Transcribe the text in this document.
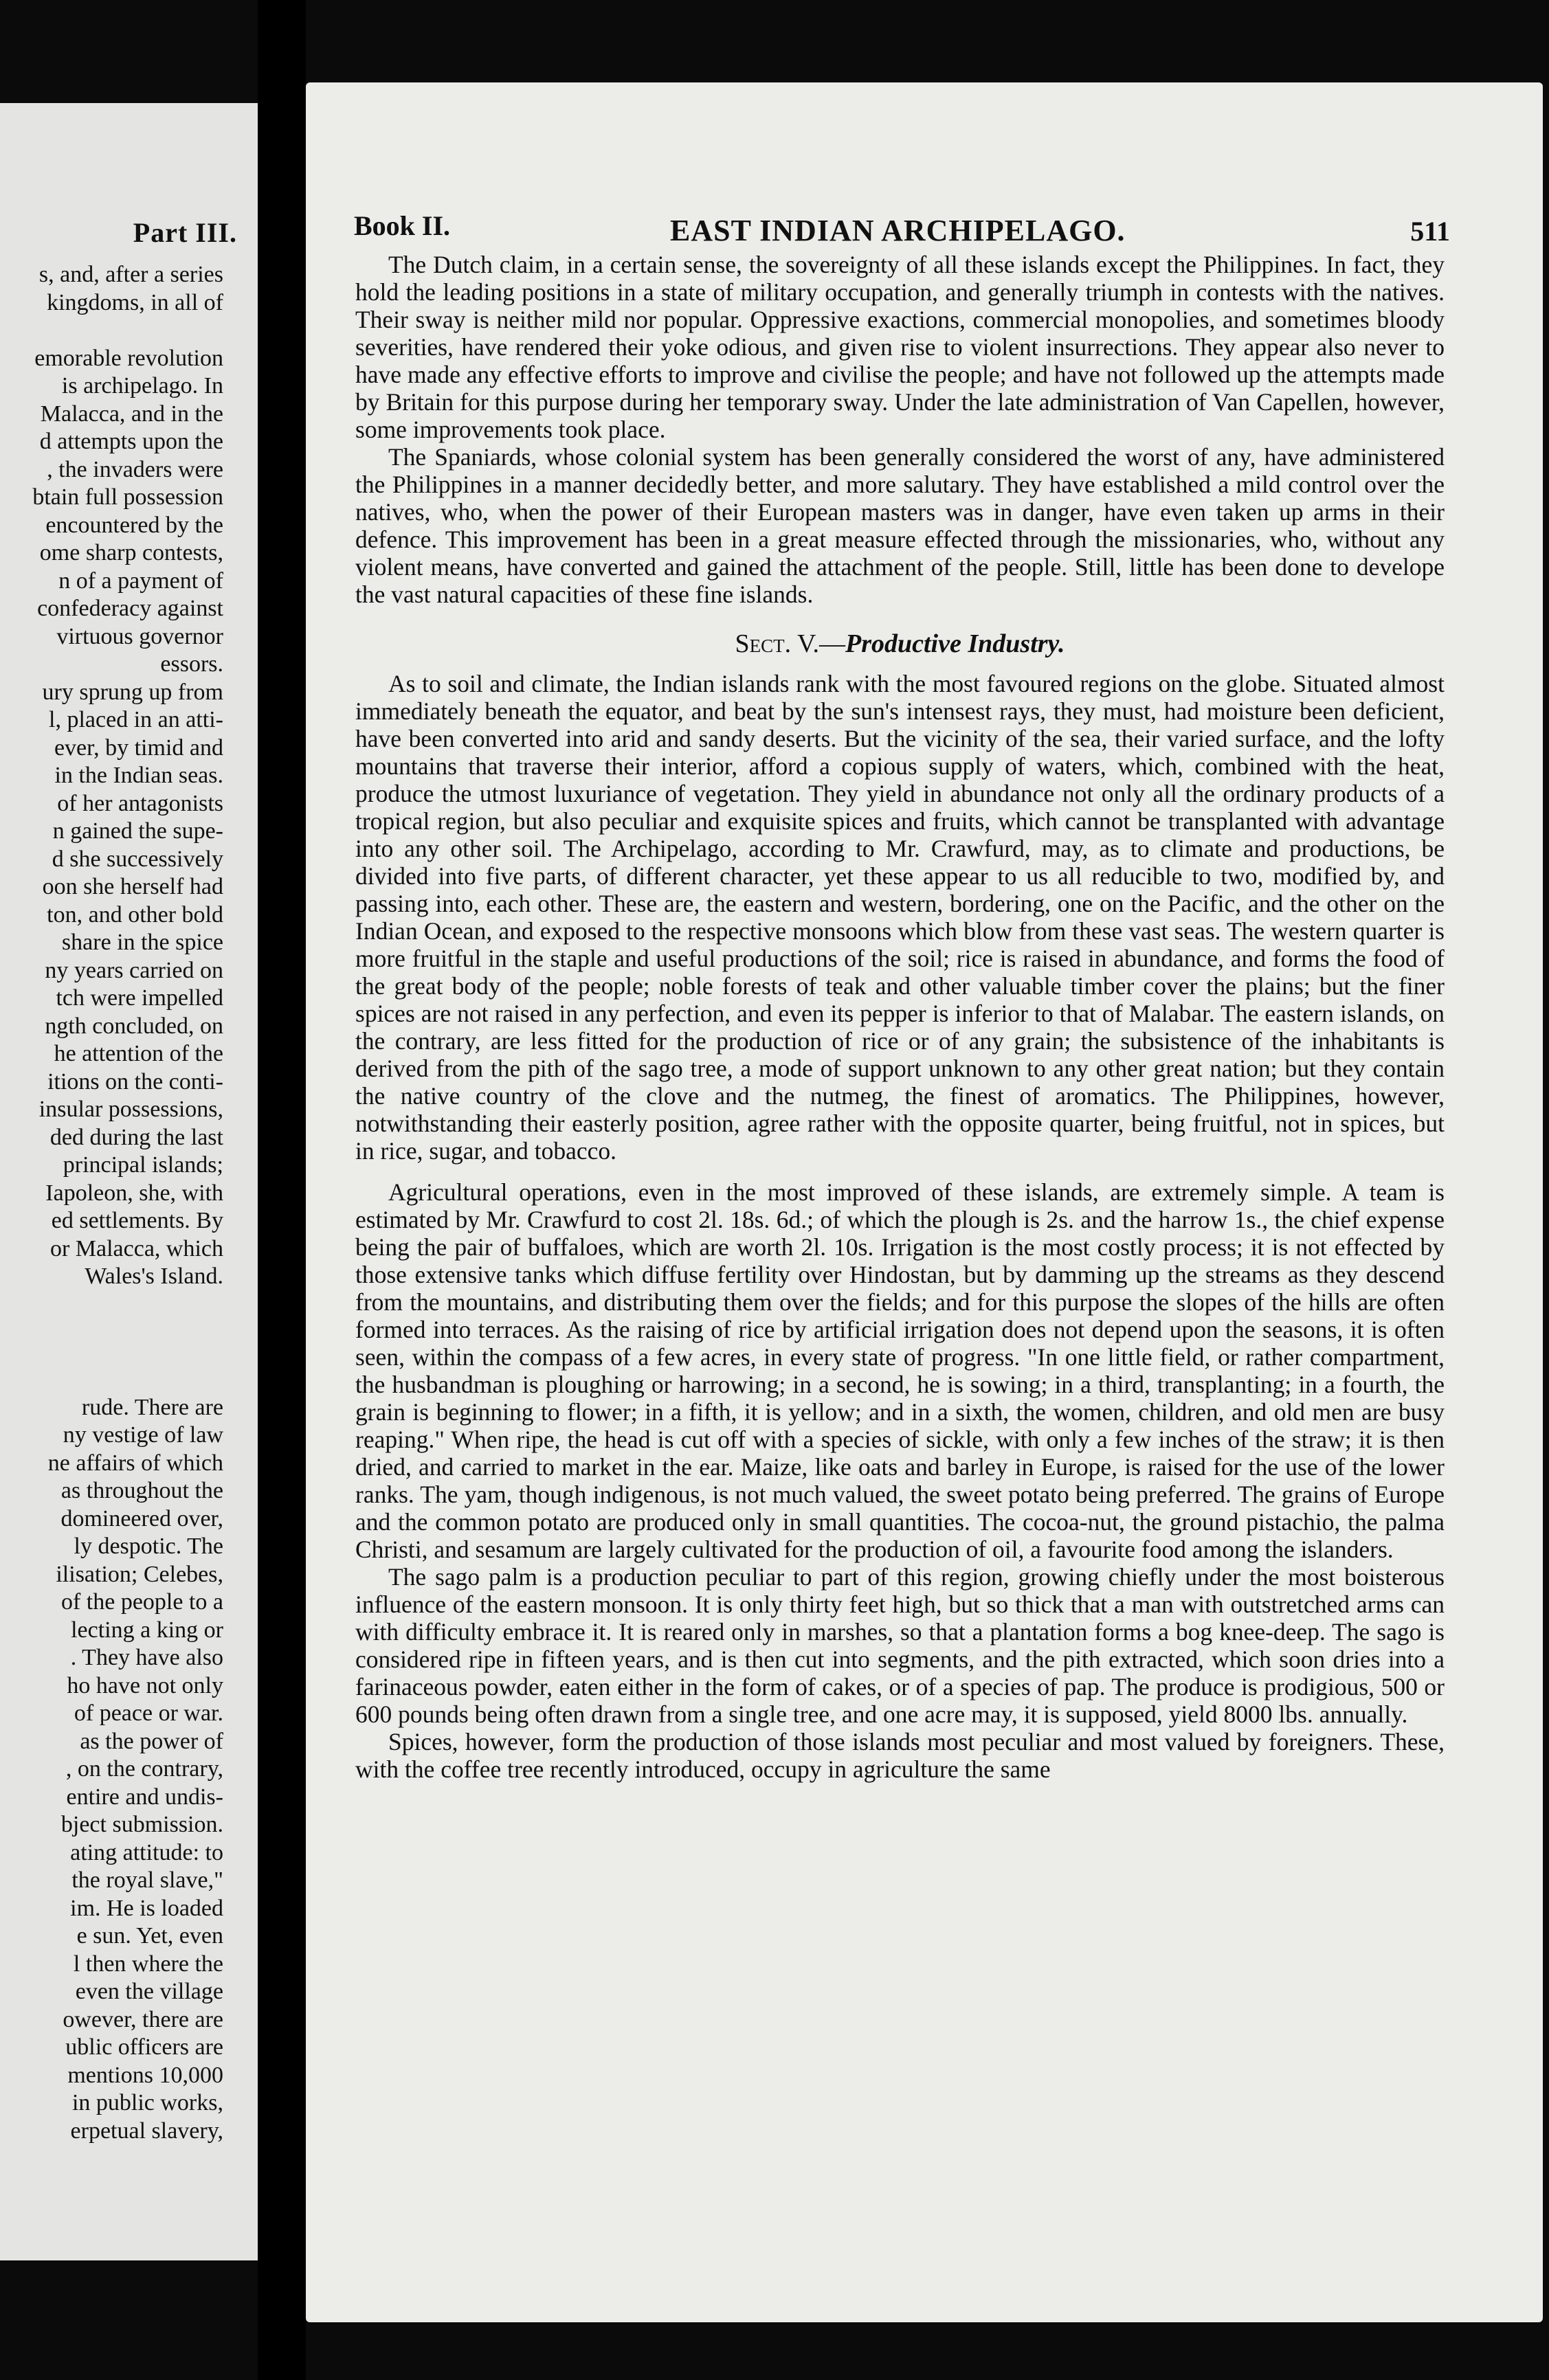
Part III.
s, and, after a series
kingdoms, in all of
emorable revolution
is archipelago. In
Malacca, and in the
d attempts upon the
, the invaders were
btain full possession
encountered by the
ome sharp contests,
n of a payment of
confederacy against
virtuous governor
essors.
ury sprung up from
l, placed in an atti-
ever, by timid and
in the Indian seas.
of her antagonists
n gained the supe-
d she successively
oon she herself had
ton, and other bold
share in the spice
ny years carried on
tch were impelled
ngth concluded, on
he attention of the
itions on the conti-
insular possessions,
ded during the last
principal islands;
Iapoleon, she, with
ed settlements. By
or Malacca, which
Wales's Island.
rude. There are
ny vestige of law
ne affairs of which
as throughout the
domineered over,
ly despotic. The
ilisation; Celebes,
of the people to a
lecting a king or
. They have also
ho have not only
of peace or war.
as the power of
, on the contrary,
entire and undis-
bject submission.
ating attitude: to
the royal slave,"
im. He is loaded
e sun. Yet, even
l then where the
even the village
owever, there are
ublic officers are
mentions 10,000
in public works,
erpetual slavery,
Book II.	EAST INDIAN ARCHIPELAGO.	511

The Dutch claim, in a certain sense, the sovereignty of all these islands except the Philippines. In fact, they hold the leading positions in a state of military occupation, and generally triumph in contests with the natives. Their sway is neither mild nor popular. Oppressive exactions, commercial monopolies, and sometimes bloody severities, have rendered their yoke odious, and given rise to violent insurrections. They appear also never to have made any effective efforts to improve and civilise the people; and have not followed up the attempts made by Britain for this purpose during her temporary sway. Under the late administration of Van Capellen, however, some improvements took place.

The Spaniards, whose colonial system has been generally considered the worst of any, have administered the Philippines in a manner decidedly better, and more salutary. They have established a mild control over the natives, who, when the power of their European masters was in danger, have even taken up arms in their defence. This improvement has been in a great measure effected through the missionaries, who, without any violent means, have converted and gained the attachment of the people. Still, little has been done to develope the vast natural capacities of these fine islands.

Sect. V.—Productive Industry.

As to soil and climate, the Indian islands rank with the most favoured regions on the globe. Situated almost immediately beneath the equator, and beat by the sun's intensest rays, they must, had moisture been deficient, have been converted into arid and sandy deserts. But the vicinity of the sea, their varied surface, and the lofty mountains that traverse their interior, afford a copious supply of waters, which, combined with the heat, produce the utmost luxuriance of vegetation. They yield in abundance not only all the ordinary products of a tropical region, but also peculiar and exquisite spices and fruits, which cannot be transplanted with advantage into any other soil. The Archipelago, according to Mr. Crawfurd, may, as to climate and productions, be divided into five parts, of different character, yet these appear to us all reducible to two, modified by, and passing into, each other. These are, the eastern and western, bordering, one on the Pacific, and the other on the Indian Ocean, and exposed to the respective monsoons which blow from these vast seas. The western quarter is more fruitful in the staple and useful productions of the soil; rice is raised in abundance, and forms the food of the great body of the people; noble forests of teak and other valuable timber cover the plains; but the finer spices are not raised in any perfection, and even its pepper is inferior to that of Malabar. The eastern islands, on the contrary, are less fitted for the production of rice or of any grain; the subsistence of the inhabitants is derived from the pith of the sago tree, a mode of support unknown to any other great nation; but they contain the native country of the clove and the nutmeg, the finest of aromatics. The Philippines, however, notwithstanding their easterly position, agree rather with the opposite quarter, being fruitful, not in spices, but in rice, sugar, and tobacco.

Agricultural operations, even in the most improved of these islands, are extremely simple. A team is estimated by Mr. Crawfurd to cost 2l. 18s. 6d.; of which the plough is 2s. and the harrow 1s., the chief expense being the pair of buffaloes, which are worth 2l. 10s. Irrigation is the most costly process; it is not effected by those extensive tanks which diffuse fertility over Hindostan, but by damming up the streams as they descend from the mountains, and distributing them over the fields; and for this purpose the slopes of the hills are often formed into terraces. As the raising of rice by artificial irrigation does not depend upon the seasons, it is often seen, within the compass of a few acres, in every state of progress. "In one little field, or rather compartment, the husbandman is ploughing or harrowing; in a second, he is sowing; in a third, transplanting; in a fourth, the grain is beginning to flower; in a fifth, it is yellow; and in a sixth, the women, children, and old men are busy reaping." When ripe, the head is cut off with a species of sickle, with only a few inches of the straw; it is then dried, and carried to market in the ear. Maize, like oats and barley in Europe, is raised for the use of the lower ranks. The yam, though indigenous, is not much valued, the sweet potato being preferred. The grains of Europe and the common potato are produced only in small quantities. The cocoa-nut, the ground pistachio, the palma Christi, and sesamum are largely cultivated for the production of oil, a favourite food among the islanders.

The sago palm is a production peculiar to part of this region, growing chiefly under the most boisterous influence of the eastern monsoon. It is only thirty feet high, but so thick that a man with outstretched arms can with difficulty embrace it. It is reared only in marshes, so that a plantation forms a bog knee-deep. The sago is considered ripe in fifteen years, and is then cut into segments, and the pith extracted, which soon dries into a farinaceous powder, eaten either in the form of cakes, or of a species of pap. The produce is prodigious, 500 or 600 pounds being often drawn from a single tree, and one acre may, it is supposed, yield 8000 lbs. annually.

Spices, however, form the production of those islands most peculiar and most valued by foreigners. These, with the coffee tree recently introduced, occupy in agriculture the same
